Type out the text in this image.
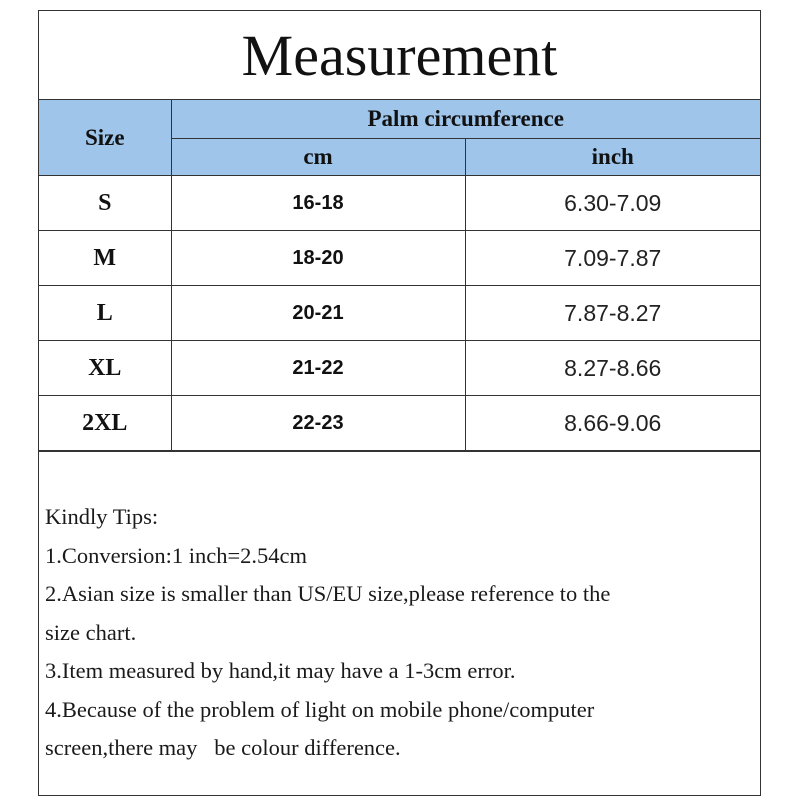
Measurement
Size	Palm circumference	
	cm	inch
S	16-18	6.30-7.09
M	18-20	7.09-7.87
L	20-21	7.87-8.27
XL	21-22	8.27-8.66
2XL	22-23	8.66-9.06
Kindly Tips:
1.Conversion:1 inch=2.54cm
2.Asian size is smaller than US/EU size,please reference to the
size chart.
3.Item measured by hand,it may have a 1-3cm error.
4.Because of the problem of light on mobile phone/computer
screen,there may   be colour difference.
